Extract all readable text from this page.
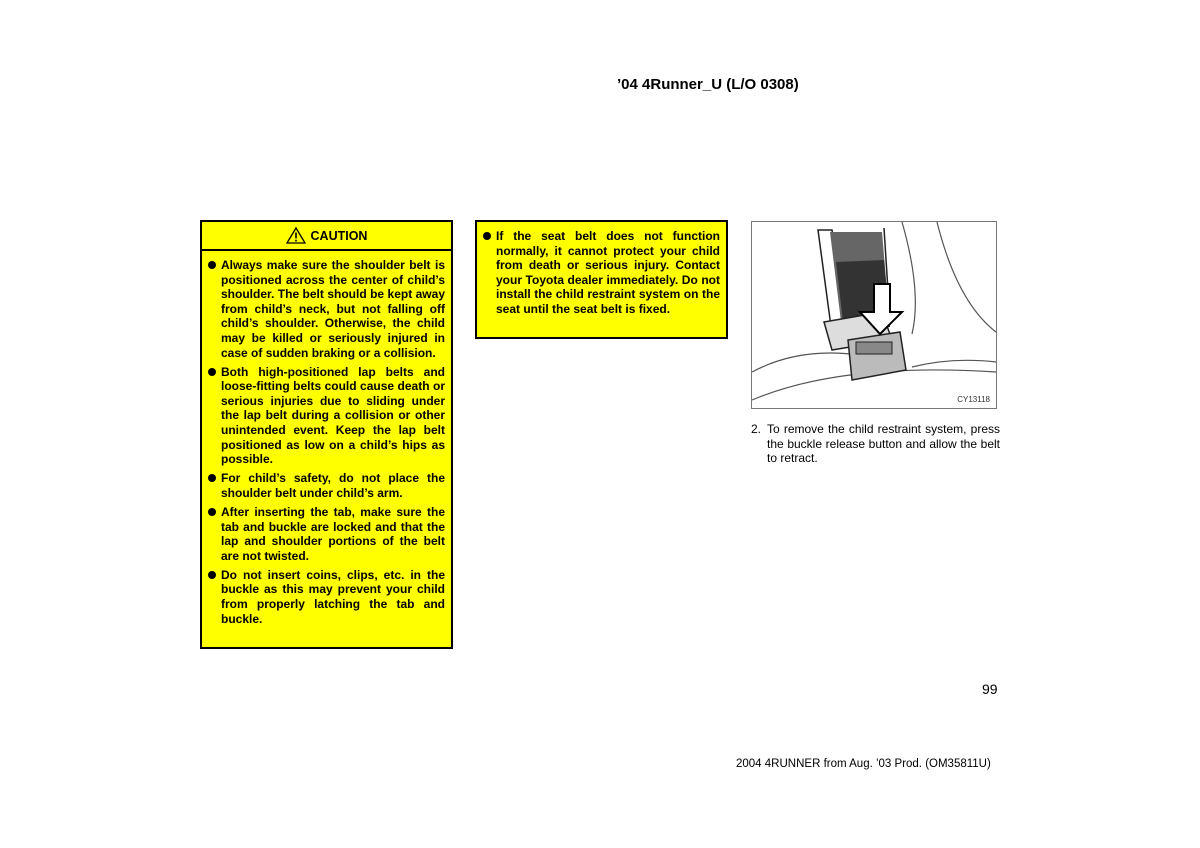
’04 4Runner_U (L/O 0308)
CAUTION
Always make sure the shoulder belt is positioned across the center of child’s shoulder. The belt should be kept away from child’s neck, but not falling off child’s shoulder. Otherwise, the child may be killed or seriously injured in case of sudden braking or a collision.
Both high-positioned lap belts and loose-fitting belts could cause death or serious injuries due to sliding under the lap belt during a collision or other unintended event. Keep the lap belt positioned as low on a child’s hips as possible.
For child’s safety, do not place the shoulder belt under child’s arm.
After inserting the tab, make sure the tab and buckle are locked and that the lap and shoulder portions of the belt are not twisted.
Do not insert coins, clips, etc. in the buckle as this may prevent your child from properly latching the tab and buckle.
If the seat belt does not function normally, it cannot protect your child from death or serious injury. Contact your Toyota dealer immediately. Do not install the child restraint system on the seat until the seat belt is fixed.
CY13118
2. To remove the child restraint system, press the buckle release button and allow the belt to retract.
99
2004 4RUNNER from Aug. ’03 Prod. (OM35811U)
